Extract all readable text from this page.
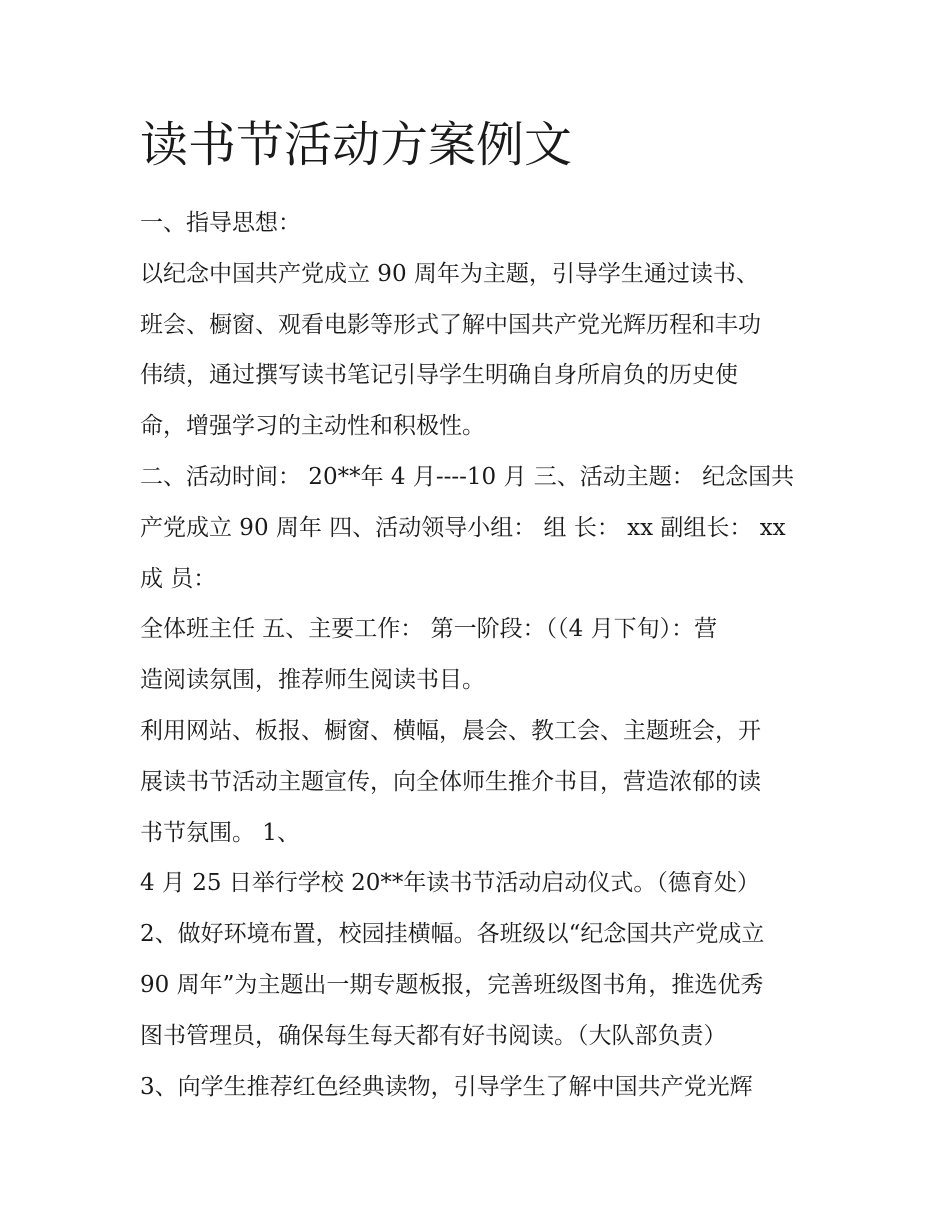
读书节活动方案例文
一、指导思想：
以纪念中国共产党成立 90 周年为主题，引导学生通过读书、
班会、橱窗、观看电影等形式了解中国共产党光辉历程和丰功
伟绩，通过撰写读书笔记引导学生明确自身所肩负的历史使
命，增强学习的主动性和积极性。
二、活动时间： 20**年 4 月----10 月 三、活动主题： 纪念国共
产党成立 90 周年 四、活动领导小组： 组 长： xx 副组长： xx
成 员：
全体班主任 五、主要工作： 第一阶段：（（4 月下旬）：营
造阅读氛围，推荐师生阅读书目。
利用网站、板报、橱窗、横幅，晨会、教工会、主题班会，开
展读书节活动主题宣传，向全体师生推介书目，营造浓郁的读
书节氛围。 1、
4 月 25 日举行学校 20**年读书节活动启动仪式。（德育处）
2、做好环境布置，校园挂横幅。各班级以“纪念国共产党成立
90 周年”为主题出一期专题板报，完善班级图书角，推选优秀
图书管理员，确保每生每天都有好书阅读。（大队部负责）
3、向学生推荐红色经典读物，引导学生了解中国共产党光辉
